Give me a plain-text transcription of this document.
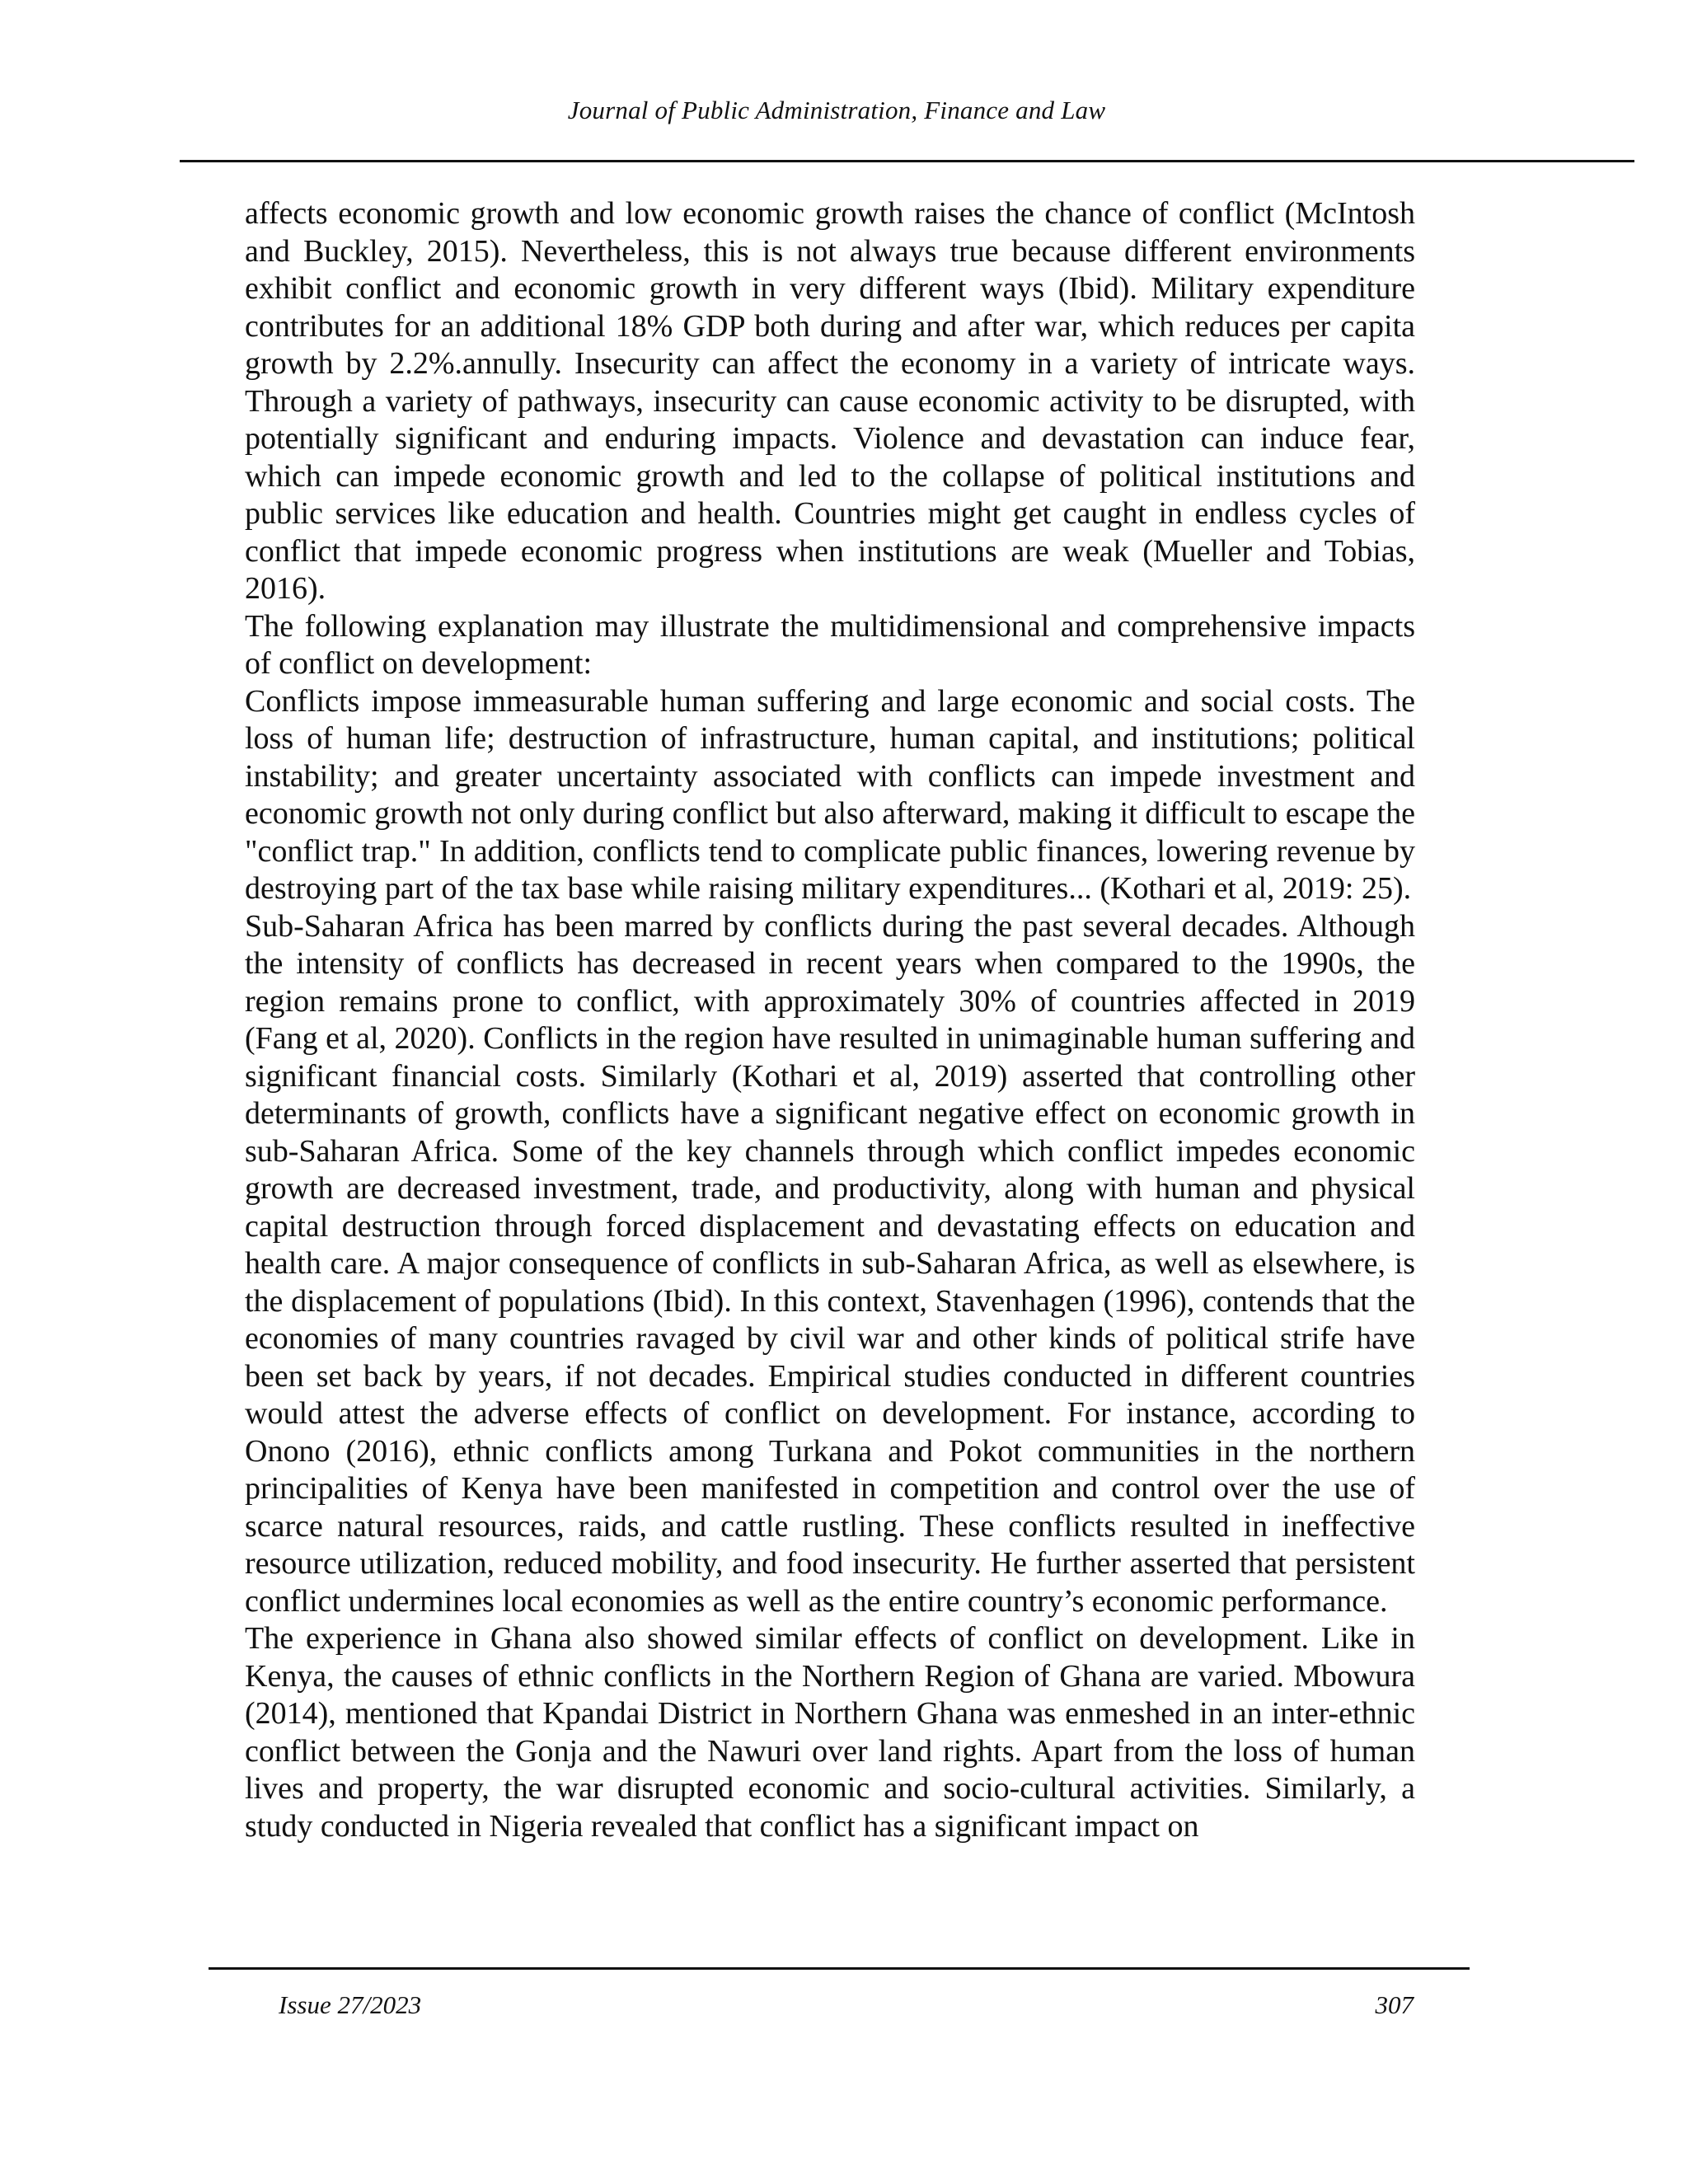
Journal of Public Administration, Finance and Law

affects economic growth and low economic growth raises the chance of conflict (McIntosh and Buckley, 2015). Nevertheless, this is not always true because different environments exhibit conflict and economic growth in very different ways (Ibid). Military expenditure contributes for an additional 18% GDP both during and after war, which reduces per capita growth by 2.2%.annully. Insecurity can affect the economy in a variety of intricate ways. Through a variety of pathways, insecurity can cause economic activity to be disrupted, with potentially significant and enduring impacts. Violence and devastation can induce fear, which can impede economic growth and led to the collapse of political institutions and public services like education and health. Countries might get caught in endless cycles of conflict that impede economic progress when institutions are weak (Mueller and Tobias, 2016).

The following explanation may illustrate the multidimensional and comprehensive impacts of conflict on development:

Conflicts impose immeasurable human suffering and large economic and social costs. The loss of human life; destruction of infrastructure, human capital, and institutions; political instability; and greater uncertainty associated with conflicts can impede investment and economic growth not only during conflict but also afterward, making it difficult to escape the "conflict trap." In addition, conflicts tend to complicate public finances, lowering revenue by destroying part of the tax base while raising military expenditures... (Kothari et al, 2019: 25).

Sub-Saharan Africa has been marred by conflicts during the past several decades. Although the intensity of conflicts has decreased in recent years when compared to the 1990s, the region remains prone to conflict, with approximately 30% of countries affected in 2019 (Fang et al, 2020). Conflicts in the region have resulted in unimaginable human suffering and significant financial costs. Similarly (Kothari et al, 2019) asserted that controlling other determinants of growth, conflicts have a significant negative effect on economic growth in sub-Saharan Africa. Some of the key channels through which conflict impedes economic growth are decreased investment, trade, and productivity, along with human and physical capital destruction through forced displacement and devastating effects on education and health care. A major consequence of conflicts in sub-Saharan Africa, as well as elsewhere, is the displacement of populations (Ibid). In this context, Stavenhagen (1996), contends that the economies of many countries ravaged by civil war and other kinds of political strife have been set back by years, if not decades. Empirical studies conducted in different countries would attest the adverse effects of conflict on development. For instance, according to Onono (2016), ethnic conflicts among Turkana and Pokot communities in the northern principalities of Kenya have been manifested in competition and control over the use of scarce natural resources, raids, and cattle rustling. These conflicts resulted in ineffective resource utilization, reduced mobility, and food insecurity. He further asserted that persistent conflict undermines local economies as well as the entire country’s economic performance.

The experience in Ghana also showed similar effects of conflict on development. Like in Kenya, the causes of ethnic conflicts in the Northern Region of Ghana are varied. Mbowura (2014), mentioned that Kpandai District in Northern Ghana was enmeshed in an inter-ethnic conflict between the Gonja and the Nawuri over land rights. Apart from the loss of human lives and property, the war disrupted economic and socio-cultural activities. Similarly, a study conducted in Nigeria revealed that conflict has a significant impact on

Issue 27/2023	307
